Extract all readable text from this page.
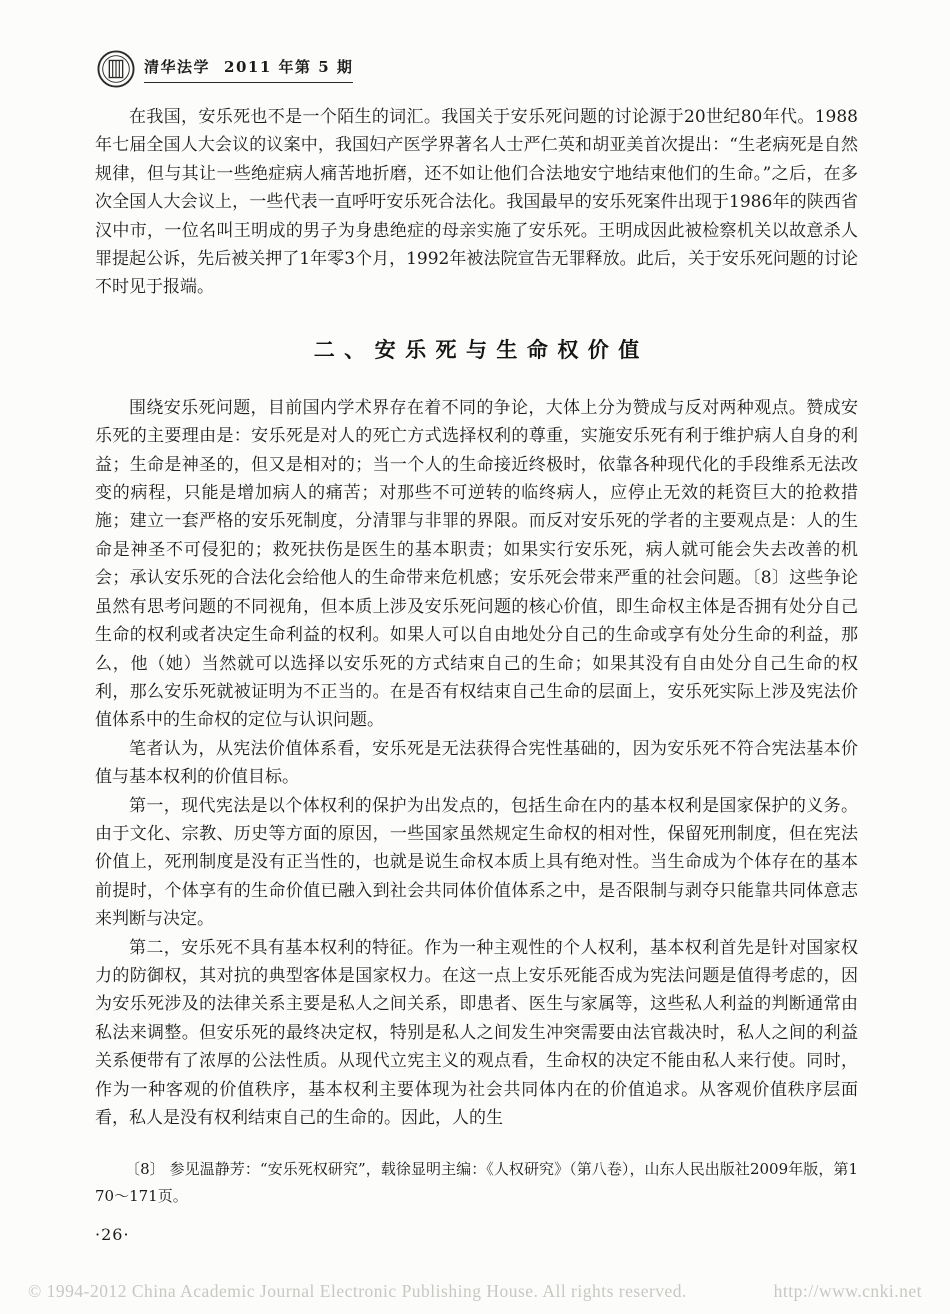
清华法学 2011 年第 5 期

在我国，安乐死也不是一个陌生的词汇。我国关于安乐死问题的讨论源于20世纪80年代。1988年七届全国人大会议的议案中，我国妇产医学界著名人士严仁英和胡亚美首次提出：“生老病死是自然规律，但与其让一些绝症病人痛苦地折磨，还不如让他们合法地安宁地结束他们的生命。”之后，在多次全国人大会议上，一些代表一直呼吁安乐死合法化。我国最早的安乐死案件出现于1986年的陕西省汉中市，一位名叫王明成的男子为身患绝症的母亲实施了安乐死。王明成因此被检察机关以故意杀人罪提起公诉，先后被关押了1年零3个月，1992年被法院宣告无罪释放。此后，关于安乐死问题的讨论不时见于报端。

二、安乐死与生命权价值

围绕安乐死问题，目前国内学术界存在着不同的争论，大体上分为赞成与反对两种观点。赞成安乐死的主要理由是：安乐死是对人的死亡方式选择权利的尊重，实施安乐死有利于维护病人自身的利益；生命是神圣的，但又是相对的；当一个人的生命接近终极时，依靠各种现代化的手段维系无法改变的病程，只能是增加病人的痛苦；对那些不可逆转的临终病人，应停止无效的耗资巨大的抢救措施；建立一套严格的安乐死制度，分清罪与非罪的界限。而反对安乐死的学者的主要观点是：人的生命是神圣不可侵犯的；救死扶伤是医生的基本职责；如果实行安乐死，病人就可能会失去改善的机会；承认安乐死的合法化会给他人的生命带来危机感；安乐死会带来严重的社会问题。〔8〕这些争论虽然有思考问题的不同视角，但本质上涉及安乐死问题的核心价值，即生命权主体是否拥有处分自己生命的权利或者决定生命利益的权利。如果人可以自由地处分自己的生命或享有处分生命的利益，那么，他（她）当然就可以选择以安乐死的方式结束自己的生命；如果其没有自由处分自己生命的权利，那么安乐死就被证明为不正当的。在是否有权结束自己生命的层面上，安乐死实际上涉及宪法价值体系中的生命权的定位与认识问题。

笔者认为，从宪法价值体系看，安乐死是无法获得合宪性基础的，因为安乐死不符合宪法基本价值与基本权利的价值目标。

第一，现代宪法是以个体权利的保护为出发点的，包括生命在内的基本权利是国家保护的义务。由于文化、宗教、历史等方面的原因，一些国家虽然规定生命权的相对性，保留死刑制度，但在宪法价值上，死刑制度是没有正当性的，也就是说生命权本质上具有绝对性。当生命成为个体存在的基本前提时，个体享有的生命价值已融入到社会共同体价值体系之中，是否限制与剥夺只能靠共同体意志来判断与决定。

第二，安乐死不具有基本权利的特征。作为一种主观性的个人权利，基本权利首先是针对国家权力的防御权，其对抗的典型客体是国家权力。在这一点上安乐死能否成为宪法问题是值得考虑的，因为安乐死涉及的法律关系主要是私人之间关系，即患者、医生与家属等，这些私人利益的判断通常由私法来调整。但安乐死的最终决定权，特别是私人之间发生冲突需要由法官裁决时，私人之间的利益关系便带有了浓厚的公法性质。从现代立宪主义的观点看，生命权的决定不能由私人来行使。同时，作为一种客观的价值秩序，基本权利主要体现为社会共同体内在的价值追求。从客观价值秩序层面看，私人是没有权利结束自己的生命的。因此，人的生

〔8〕 参见温静芳：“安乐死权研究”，载徐显明主编：《人权研究》（第八卷），山东人民出版社2009年版，第170～171页。
·26·
© 1994-2012 China Academic Journal Electronic Publishing House. All rights reserved.	http://www.cnki.net
